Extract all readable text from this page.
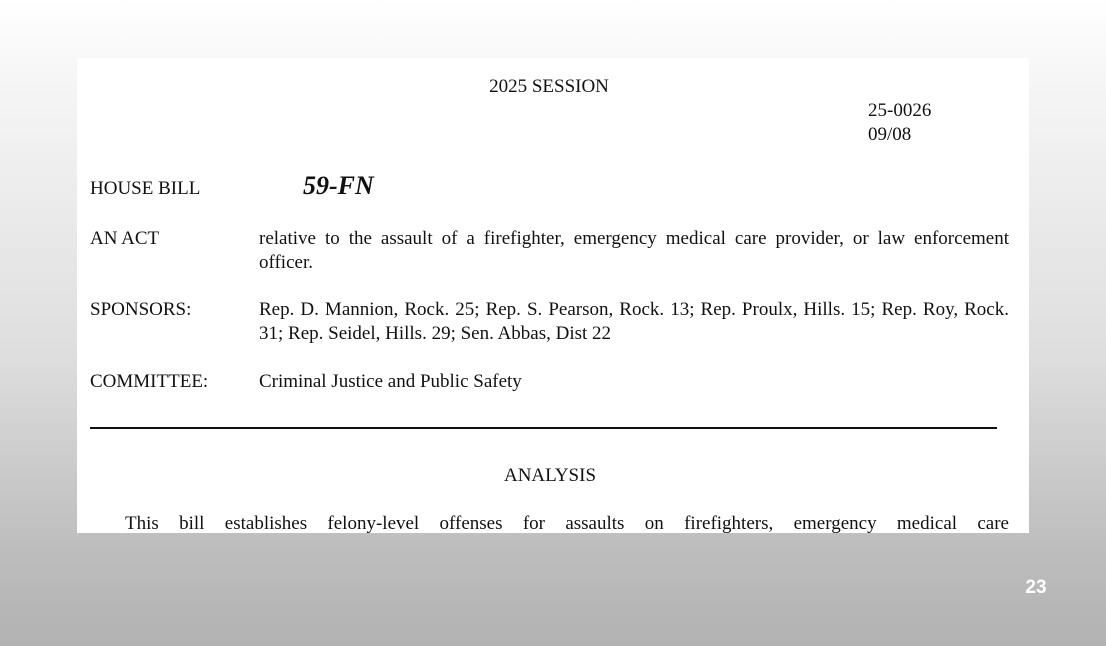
2025 SESSION
25-0026
09/08
HOUSE BILL	59-FN
AN ACT	relative to the assault of a firefighter, emergency medical care provider, or law enforcement officer.
SPONSORS:	Rep. D. Mannion, Rock. 25; Rep. S. Pearson, Rock. 13; Rep. Proulx, Hills. 15; Rep. Roy, Rock. 31; Rep. Seidel, Hills. 29; Sen. Abbas, Dist 22
COMMITTEE:	Criminal Justice and Public Safety
ANALYSIS
This bill establishes felony-level offenses for assaults on firefighters, emergency medical care
23
